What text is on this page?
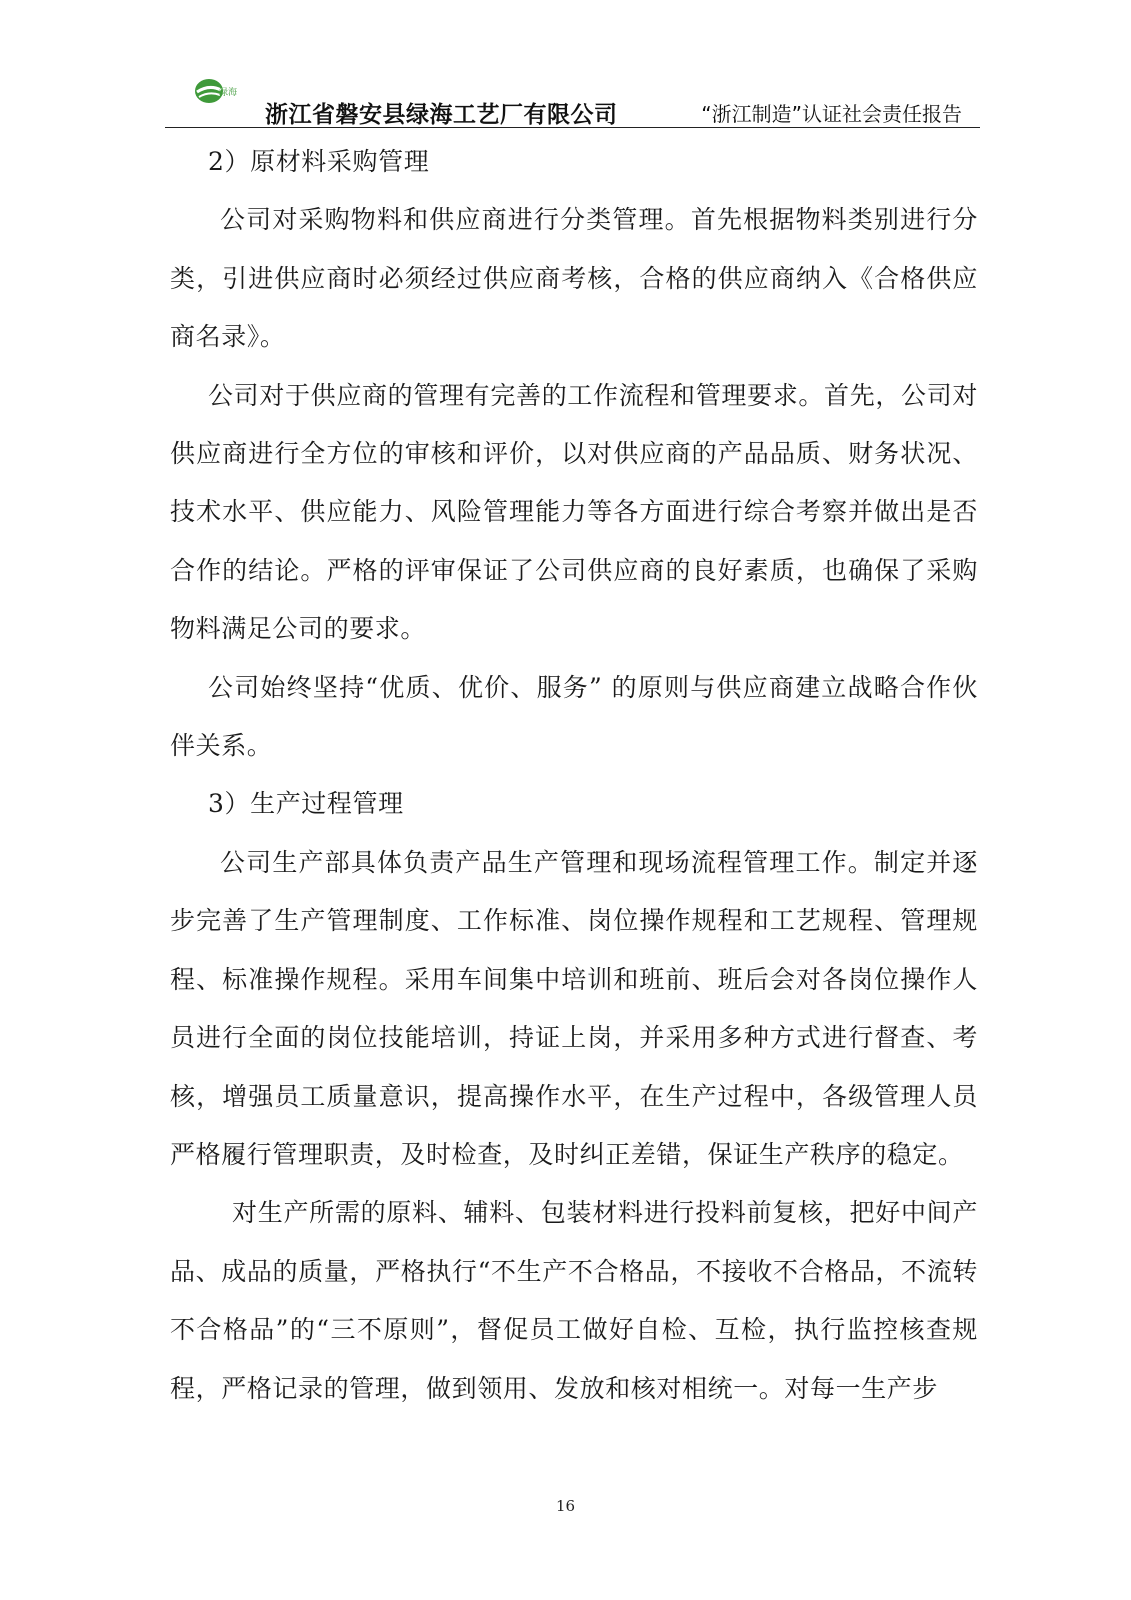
绿海
浙江省磐安县绿海工艺厂有限公司	“浙江制造”认证社会责任报告

2）原材料采购管理

公司对采购物料和供应商进行分类管理。首先根据物料类别进行分类，引进供应商时必须经过供应商考核，合格的供应商纳入《合格供应商名录》。

公司对于供应商的管理有完善的工作流程和管理要求。首先，公司对供应商进行全方位的审核和评价，以对供应商的产品品质、财务状况、技术水平、供应能力、风险管理能力等各方面进行综合考察并做出是否合作的结论。严格的评审保证了公司供应商的良好素质，也确保了采购物料满足公司的要求。

公司始终坚持“优质、优价、服务” 的原则与供应商建立战略合作伙伴关系。

3）生产过程管理

公司生产部具体负责产品生产管理和现场流程管理工作。制定并逐步完善了生产管理制度、工作标准、岗位操作规程和工艺规程、管理规程、标准操作规程。采用车间集中培训和班前、班后会对各岗位操作人员进行全面的岗位技能培训，持证上岗，并采用多种方式进行督查、考核，增强员工质量意识，提高操作水平，在生产过程中，各级管理人员严格履行管理职责，及时检查，及时纠正差错，保证生产秩序的稳定。

对生产所需的原料、辅料、包装材料进行投料前复核，把好中间产品、成品的质量，严格执行“不生产不合格品，不接收不合格品，不流转不合格品”的“三不原则”，督促员工做好自检、互检，执行监控核查规程，严格记录的管理，做到领用、发放和核对相统一。对每一生产步

16
